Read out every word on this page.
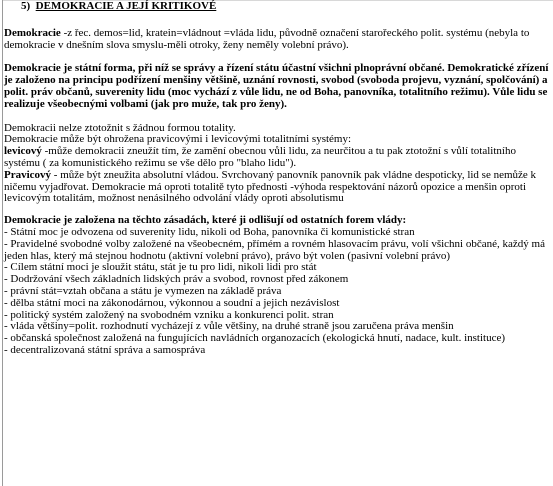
5) DEMOKRACIE A JEJÍ KRITIKOVÉ

Demokracie -z řec. demos=lid, kratein=vládnout =vláda lidu, původně označení starořeckého polit. systému (nebyla to demokracie v dnešním slova smyslu-měli otroky, ženy neměly volební právo).

Demokracie je státní forma, při níž se správy a řízení státu účastní všichni plnoprávní občané. Demokratické zřízení je založeno na principu podřízení menšiny většině, uznání rovnosti, svobod (svoboda projevu, vyznání, spolčování) a polit. práv občanů, suverenity lidu (moc vychází z vůle lidu, ne od Boha, panovníka, totalitního režimu). Vůle lidu se realizuje všeobecnými volbami (jak pro muže, tak pro ženy).

Demokracii nelze ztotožnit s žádnou formou totality.

Demokracie může být ohrožena pravicovými i levicovými totalitními systémy:

levicový -může demokracii zneužít tím, že zamění obecnou vůli lidu, za neurčitou a tu pak ztotožní s vůlí totalitního systému ( za komunistického režimu se vše dělo pro "blaho lidu").

Pravicový - může být zneužita absolutní vládou. Svrchovaný panovník panovník pak vládne despoticky, lid se nemůže k ničemu vyjadřovat. Demokracie má oproti totalitě tyto přednosti -výhoda respektování názorů opozice a menšin oproti levicovým totalitám, možnost nenásilného odvolání vlády oproti absolutismu

Demokracie je založena na těchto zásadách, které ji odlišují od ostatních forem vlády:

- Státní moc je odvozena od suverenity lidu, nikoli od Boha, panovníka či komunistické stran

- Pravidelné svobodné volby založené na všeobecném, přímém a rovném hlasovacím právu, volí všichni občané, každý má jeden hlas, který má stejnou hodnotu (aktivní volební právo), právo být volen (pasivní volební právo)

- Cílem státní moci je sloužit státu, stát je tu pro lidi, nikoli lidi pro stát

- Dodržování všech základních lidských práv a svobod, rovnost před zákonem

- právní stát=vztah občana a státu je vymezen na základě práva

- dělba státní moci na zákonodárnou, výkonnou a soudní a jejich nezávislost

- politický systém založený na svobodném vzniku a konkurenci polit. stran

- vláda většiny=polit. rozhodnutí vycházejí z vůle většiny, na druhé straně jsou zaručena práva menšin

- občanská společnost založená na fungujících navládních organozacích (ekologická hnutí, nadace, kult. instituce)

- decentralizovaná státní správa a samospráva
